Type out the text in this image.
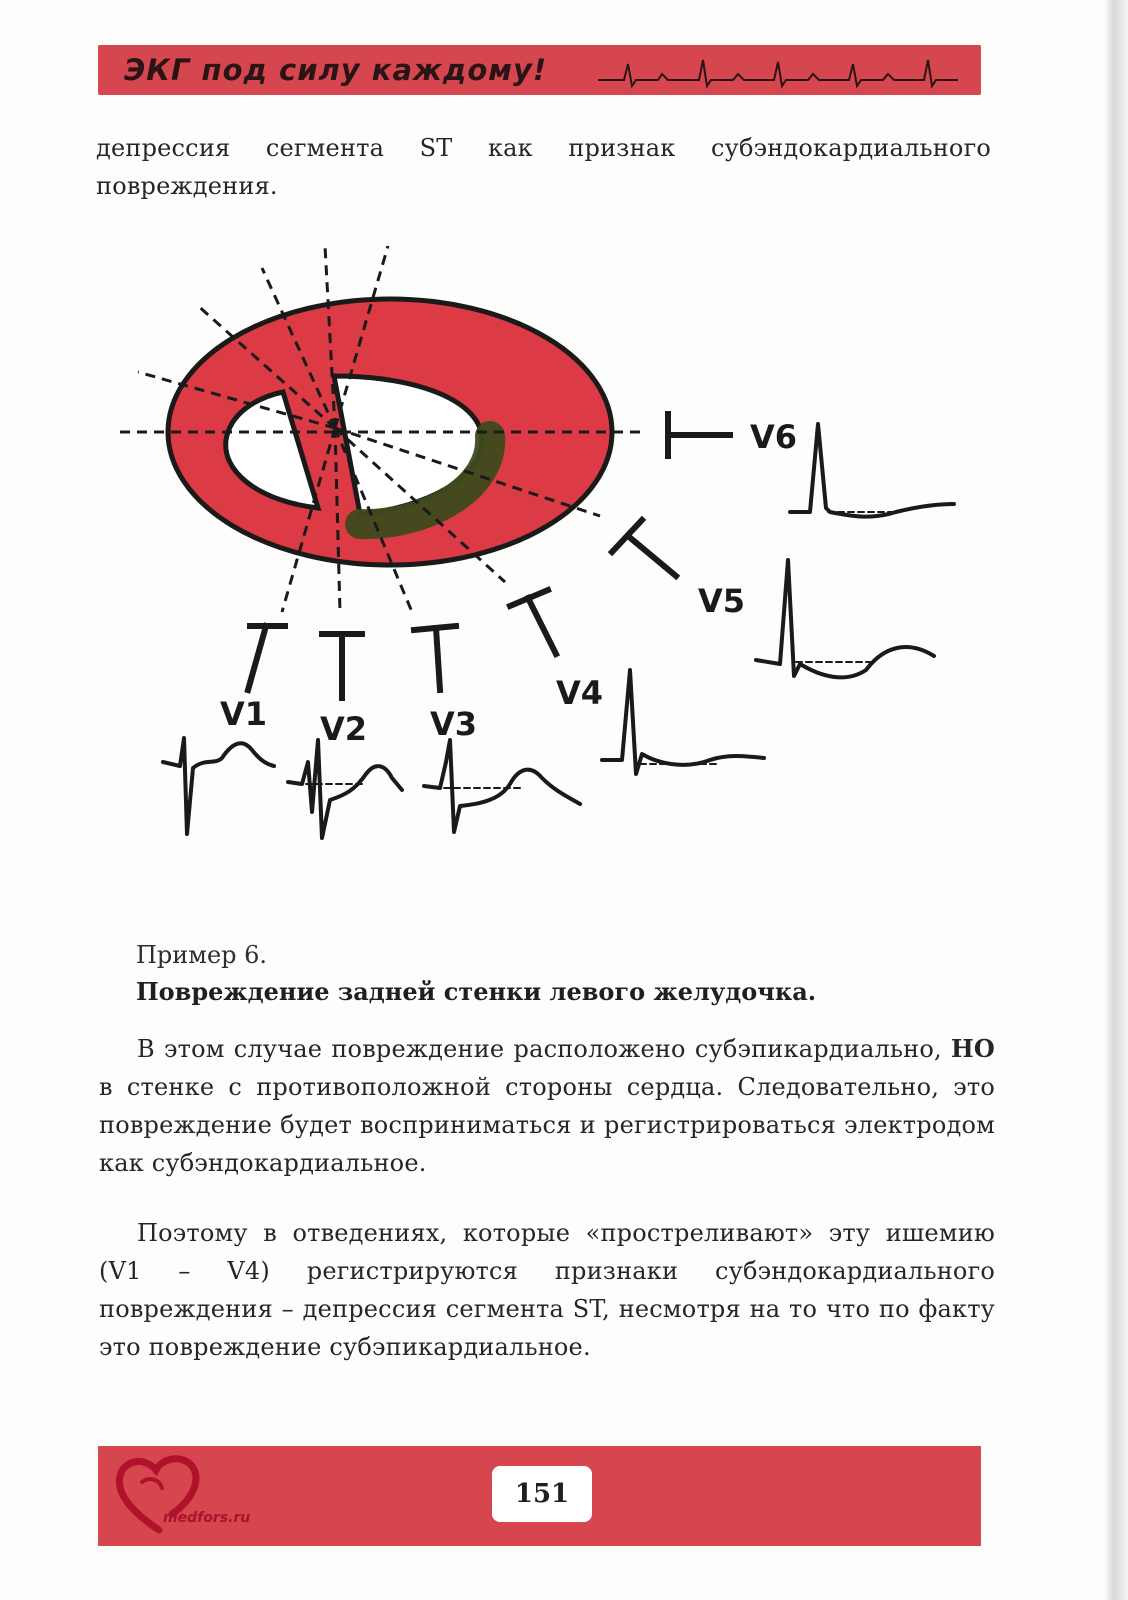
ЭКГ под силу каждому!
депрессия сегмента ST как признак субэндокардиального повреждения.
V1 V2 V3
V4
V5
V6
Пример 6.
Повреждение задней стенки левого желудочка.
В этом случае повреждение расположено субэпикардиально, НО в стенке с противоположной стороны сердца. Следовательно, это повреждение будет восприниматься и регистрироваться электродом как субэндокардиальное.
Поэтому в отведениях, которые «простреливают» эту ишемию (V1 – V4) регистрируются признаки субэндокардиального повреждения – депрессия сегмента ST, несмотря на то что по факту это повреждение субэпикардиальное.
medfors.ru
151
